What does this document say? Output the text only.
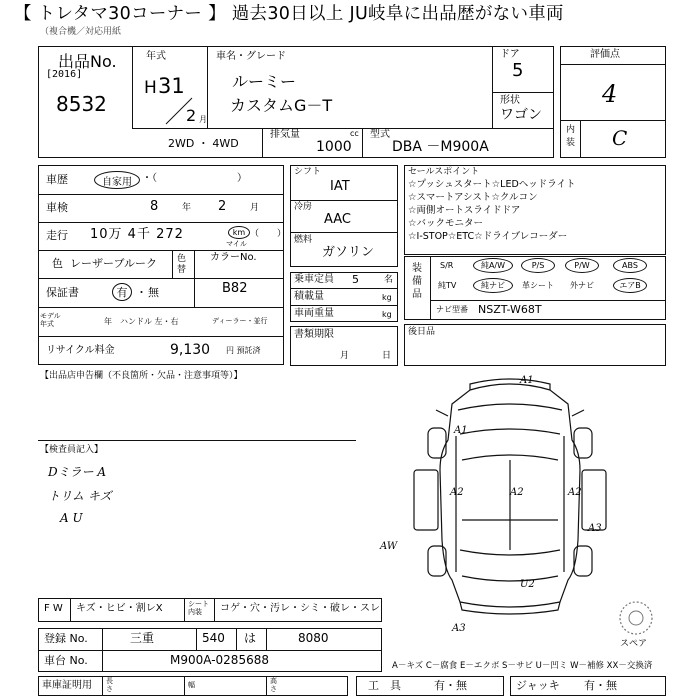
【 トレタマ30コーナー 】 過去30日以上 JU岐阜に出品歴がない車両
（複合機／対応用紙
出品No.
[2016]
8532
年式
H 31
2 月
車名・グレード
ルーミー
カスタムG－T
ドア
5
形状
ワゴン
2WD ・ 4WD
排気量	cc
1000
型式
DBA －M900A
評価点
4
内装 C
車歴	自家用 ・（　　　　　　　　）
車検	8	年 2	月
走行 10万 4千 272	km
マイル
（　　）
色 レーザーブルーク 色替
カラーNo.
B82
保証書	有 ・ 無
モデル年式	年 ハンドル 左・右	ディーラー・並行
リサイクル料金	9,130 円 預託済
シフト
IAT
冷房
AAC
燃料
ガソリン
乗車定員 5	名
積載量	kg
車両重量	kg
書類期限
月	日
セールスポイント
☆プッシュスタート☆LEDヘッドライト
☆スマートアシスト☆クルコン
☆両側オートスライドドア
☆バックモニター
☆I-STOP☆ETC☆ドライブレコーダー
装備品
S/R	純A/W	P/S	P/W	ABS
純TV	純ナビ 革シート 外ナビ	エアB
ナビ型番 NSZT-W68T
後日品
【出品店申告欄（不良箇所・欠品・注意事項等）】
【検査員記入】
Dミラー A
トリム キズ
A U
A1
A1
A2	A2	A2
A3
U2
AW
A3
スペア
F W キズ・ヒビ・割レX	シート内装	コゲ・穴・汚レ・シミ・破レ・スレ
登録 No.	三重	540 は	8080
車台 No.	M900A-0285688	A－キズ C－腐食 E－エクボ S－サビ U－凹ミ W－補修 XX－交換済
車庫証明用 長さ	幅	高さ	工　具	有・無	ジャッキ 有・無
